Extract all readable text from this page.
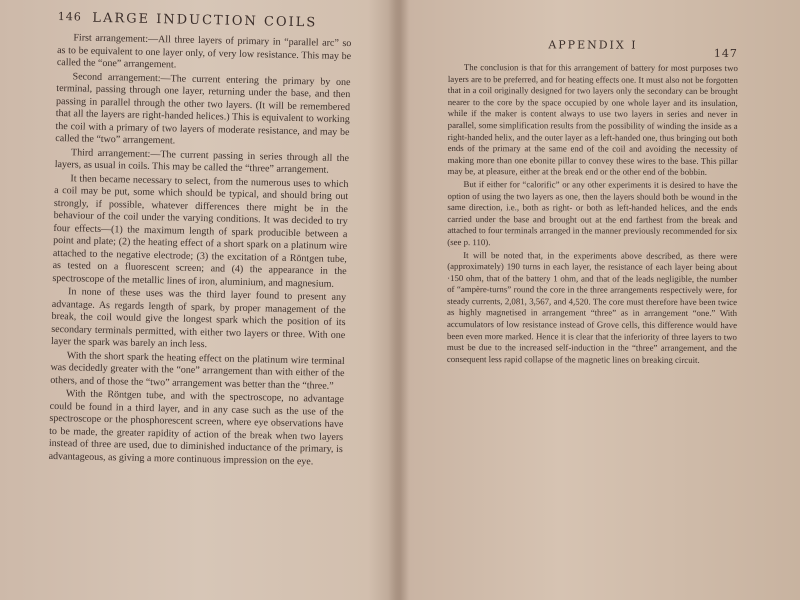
146 LARGE INDUCTION COILS

First arrangement:—All three layers of primary in “parallel arc” so as to be equivalent to one layer only, of very low resistance. This may be called the “one” arrangement.

Second arrangement:—The current entering the primary by one terminal, passing through one layer, returning under the base, and then passing in parallel through the other two layers. (It will be remembered that all the layers are right-handed helices.) This is equivalent to working the coil with a primary of two layers of moderate resistance, and may be called the “two” arrangement.

Third arrangement:—The current passing in series through all the layers, as usual in coils. This may be called the “three” arrangement.

It then became necessary to select, from the numerous uses to which a coil may be put, some which should be typical, and should bring out strongly, if possible, whatever differences there might be in the behaviour of the coil under the varying conditions. It was decided to try four effects—(1) the maximum length of spark producible between a point and plate; (2) the heating effect of a short spark on a platinum wire attached to the negative electrode; (3) the excitation of a Röntgen tube, as tested on a fluorescent screen; and (4) the appearance in the spectroscope of the metallic lines of iron, aluminium, and magnesium.

In none of these uses was the third layer found to present any advantage. As regards length of spark, by proper management of the break, the coil would give the longest spark which the position of its secondary terminals permitted, with either two layers or three. With one layer the spark was barely an inch less.

With the short spark the heating effect on the platinum wire terminal was decidedly greater with the “one” arrangement than with either of the others, and of those the “two” arrangement was better than the “three.”

With the Röntgen tube, and with the spectroscope, no advantage could be found in a third layer, and in any case such as the use of the spectroscope or the phosphorescent screen, where eye observations have to be made, the greater rapidity of action of the break when two layers instead of three are used, due to diminished inductance of the primary, is advantageous, as giving a more continuous impression on the eye.

APPENDIX I
147

The conclusion is that for this arrangement of battery for most purposes two layers are to be preferred, and for heating effects one. It must also not be forgotten that in a coil originally designed for two layers only the secondary can be brought nearer to the core by the space occupied by one whole layer and its insulation, while if the maker is content always to use two layers in series and never in parallel, some simplification results from the possibility of winding the inside as a right-handed helix, and the outer layer as a left-handed one, thus bringing out both ends of the primary at the same end of the coil and avoiding the necessity of making more than one ebonite pillar to convey these wires to the base. This pillar may be, at pleasure, either at the break end or the other end of the bobbin.

But if either for “calorific” or any other experiments it is desired to have the option of using the two layers as one, then the layers should both be wound in the same direction, i.e., both as right- or both as left-handed helices, and the ends carried under the base and brought out at the end farthest from the break and attached to four terminals arranged in the manner previously recommended for six (see p. 110).

It will be noted that, in the experiments above described, as there were (approximately) 190 turns in each layer, the resistance of each layer being about ·150 ohm, that of the battery 1 ohm, and that of the leads negligible, the number of “ampère-turns” round the core in the three arrangements respectively were, for steady currents, 2,081, 3,567, and 4,520. The core must therefore have been twice as highly magnetised in arrangement “three” as in arrangement “one.” With accumulators of low resistance instead of Grove cells, this difference would have been even more marked. Hence it is clear that the inferiority of three layers to two must be due to the increased self-induction in the “three” arrangement, and the consequent less rapid collapse of the magnetic lines on breaking circuit.
